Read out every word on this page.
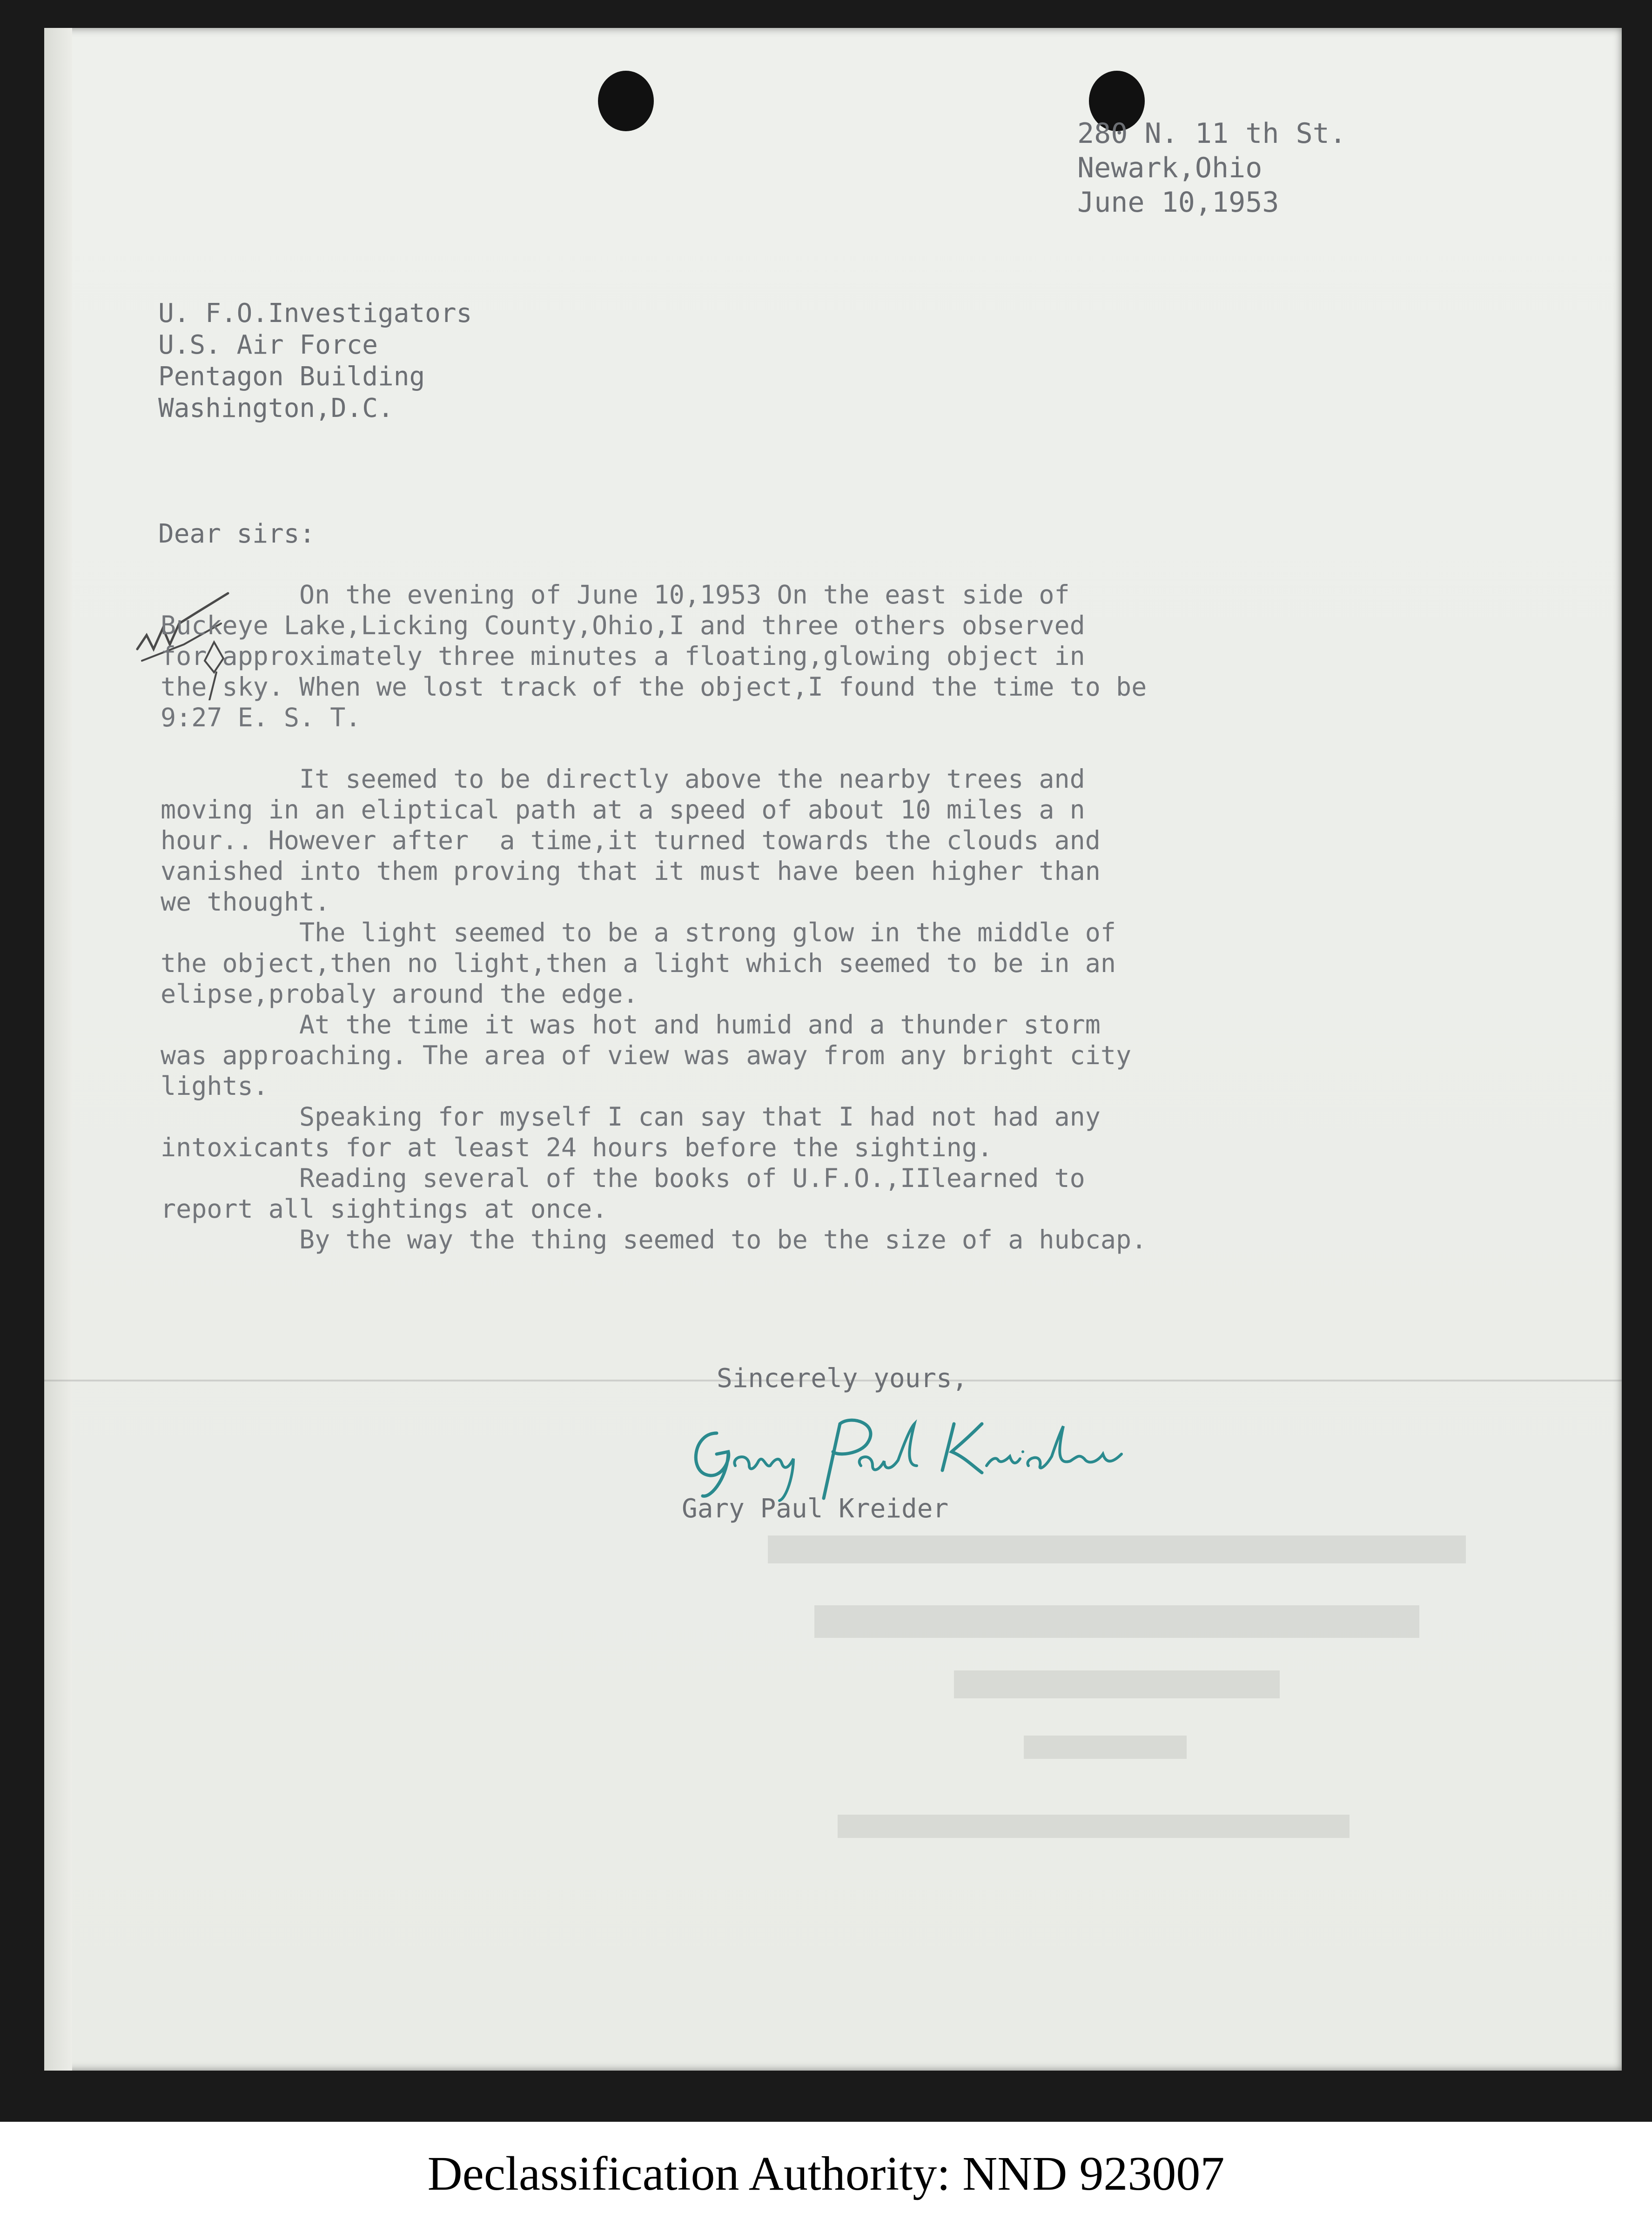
280 N. 11 th St.
Newark,Ohio
June 10,1953
U. F.O.Investigators
U.S. Air Force
Pentagon Building
Washington,D.C.
Dear sirs:
On the evening of June 10,1953 On the east side of
Buckeye Lake,Licking County,Ohio,I and three others observed
for approximately three minutes a floating,glowing object in
the sky. When we lost track of the object,I found the time to be
9:27 E. S. T.

It seemed to be directly above the nearby trees and
moving in an eliptical path at a speed of about 10 miles a n
hour.. However after  a time,it turned towards the clouds and
vanished into them proving that it must have been higher than
we thought.
The light seemed to be a strong glow in the middle of
the object,then no light,then a light which seemed to be in an
elipse,probaly around the edge.
At the time it was hot and humid and a thunder storm
was approaching. The area of view was away from any bright city
lights.
Speaking for myself I can say that I had not had any
intoxicants for at least 24 hours before the sighting.
Reading several of the books of U.F.O.,IIlearned to
report all sightings at once.
By the way the thing seemed to be the size of a hubcap.
Sincerely yours,
Gary Paul Kreider
Declassification Authority: NND 923007
